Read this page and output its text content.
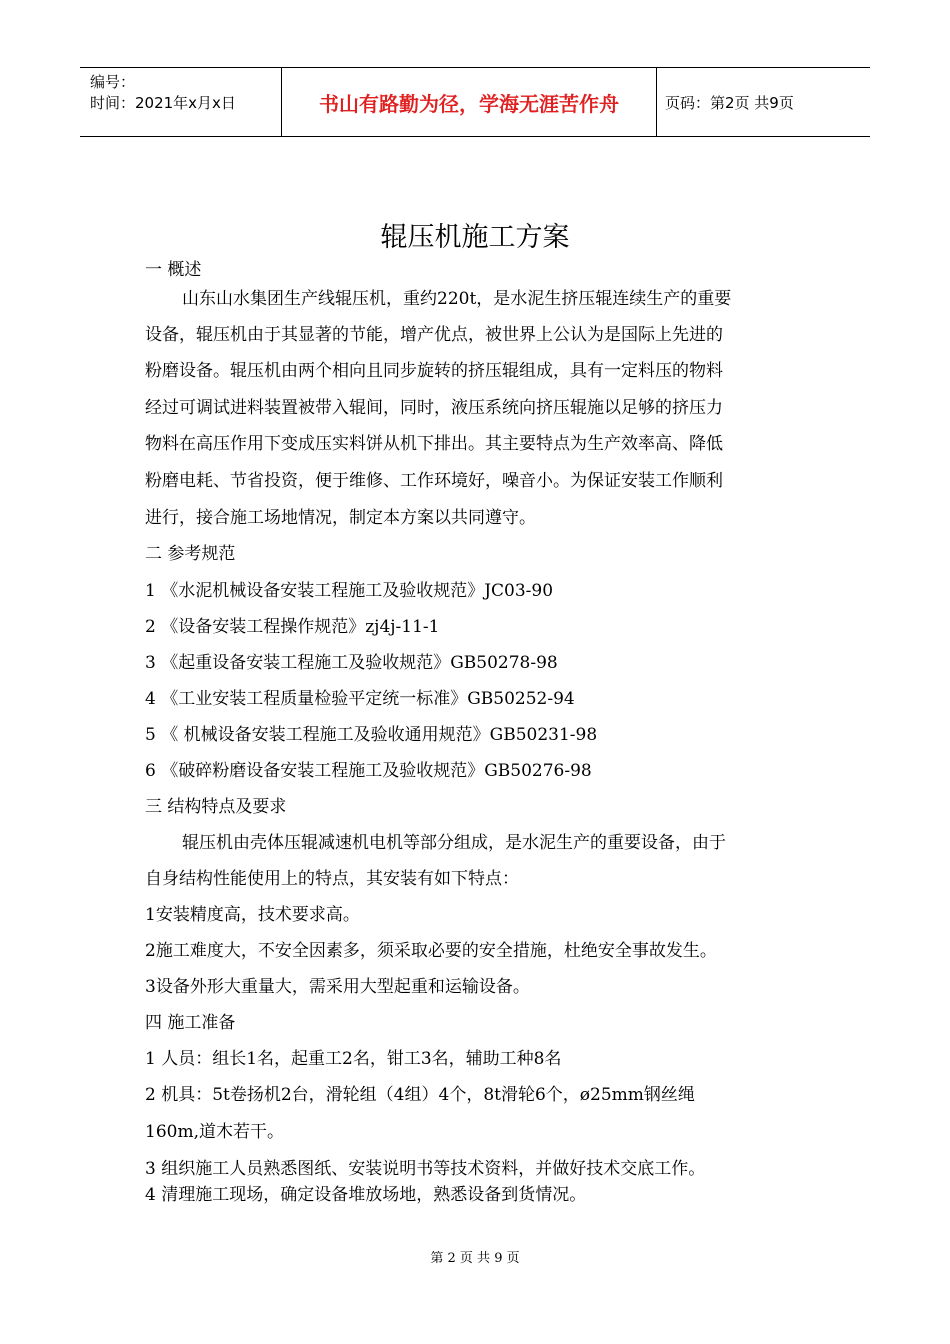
编号：
时间：2021年x月x日	书山有路勤为径，学海无涯苦作舟	页码：第2页 共9页
辊压机施工方案
一 概述
山东山水集团生产线辊压机，重约220t，是水泥生挤压辊连续生产的重要
设备，辊压机由于其显著的节能，增产优点，被世界上公认为是国际上先进的
粉磨设备。辊压机由两个相向且同步旋转的挤压辊组成，具有一定料压的物料
经过可调试进料装置被带入辊间，同时，液压系统向挤压辊施以足够的挤压力
物料在高压作用下变成压实料饼从机下排出。其主要特点为生产效率高、降低
粉磨电耗、节省投资，便于维修、工作环境好，噪音小。为保证安装工作顺利
进行，接合施工场地情况，制定本方案以共同遵守。
二 参考规范
1 《水泥机械设备安装工程施工及验收规范》JC03-90
2 《设备安装工程操作规范》zj4j-11-1
3 《起重设备安装工程施工及验收规范》GB50278-98
4 《工业安装工程质量检验平定统一标准》GB50252-94
5 《 机械设备安装工程施工及验收通用规范》GB50231-98
6 《破碎粉磨设备安装工程施工及验收规范》GB50276-98
三 结构特点及要求
辊压机由壳体压辊减速机电机等部分组成，是水泥生产的重要设备，由于
自身结构性能使用上的特点，其安装有如下特点：
1安装精度高，技术要求高。
2施工难度大，不安全因素多，须采取必要的安全措施，杜绝安全事故发生。
3设备外形大重量大，需采用大型起重和运输设备。
四 施工准备
1 人员：组长1名，起重工2名，钳工3名，辅助工种8名
2 机具：5t卷扬机2台，滑轮组（4组）4个，8t滑轮6个，ø25mm钢丝绳
160m,道木若干。
3 组织施工人员熟悉图纸、安装说明书等技术资料，并做好技术交底工作。
4 清理施工现场，确定设备堆放场地，熟悉设备到货情况。
第 2 页 共 9 页
